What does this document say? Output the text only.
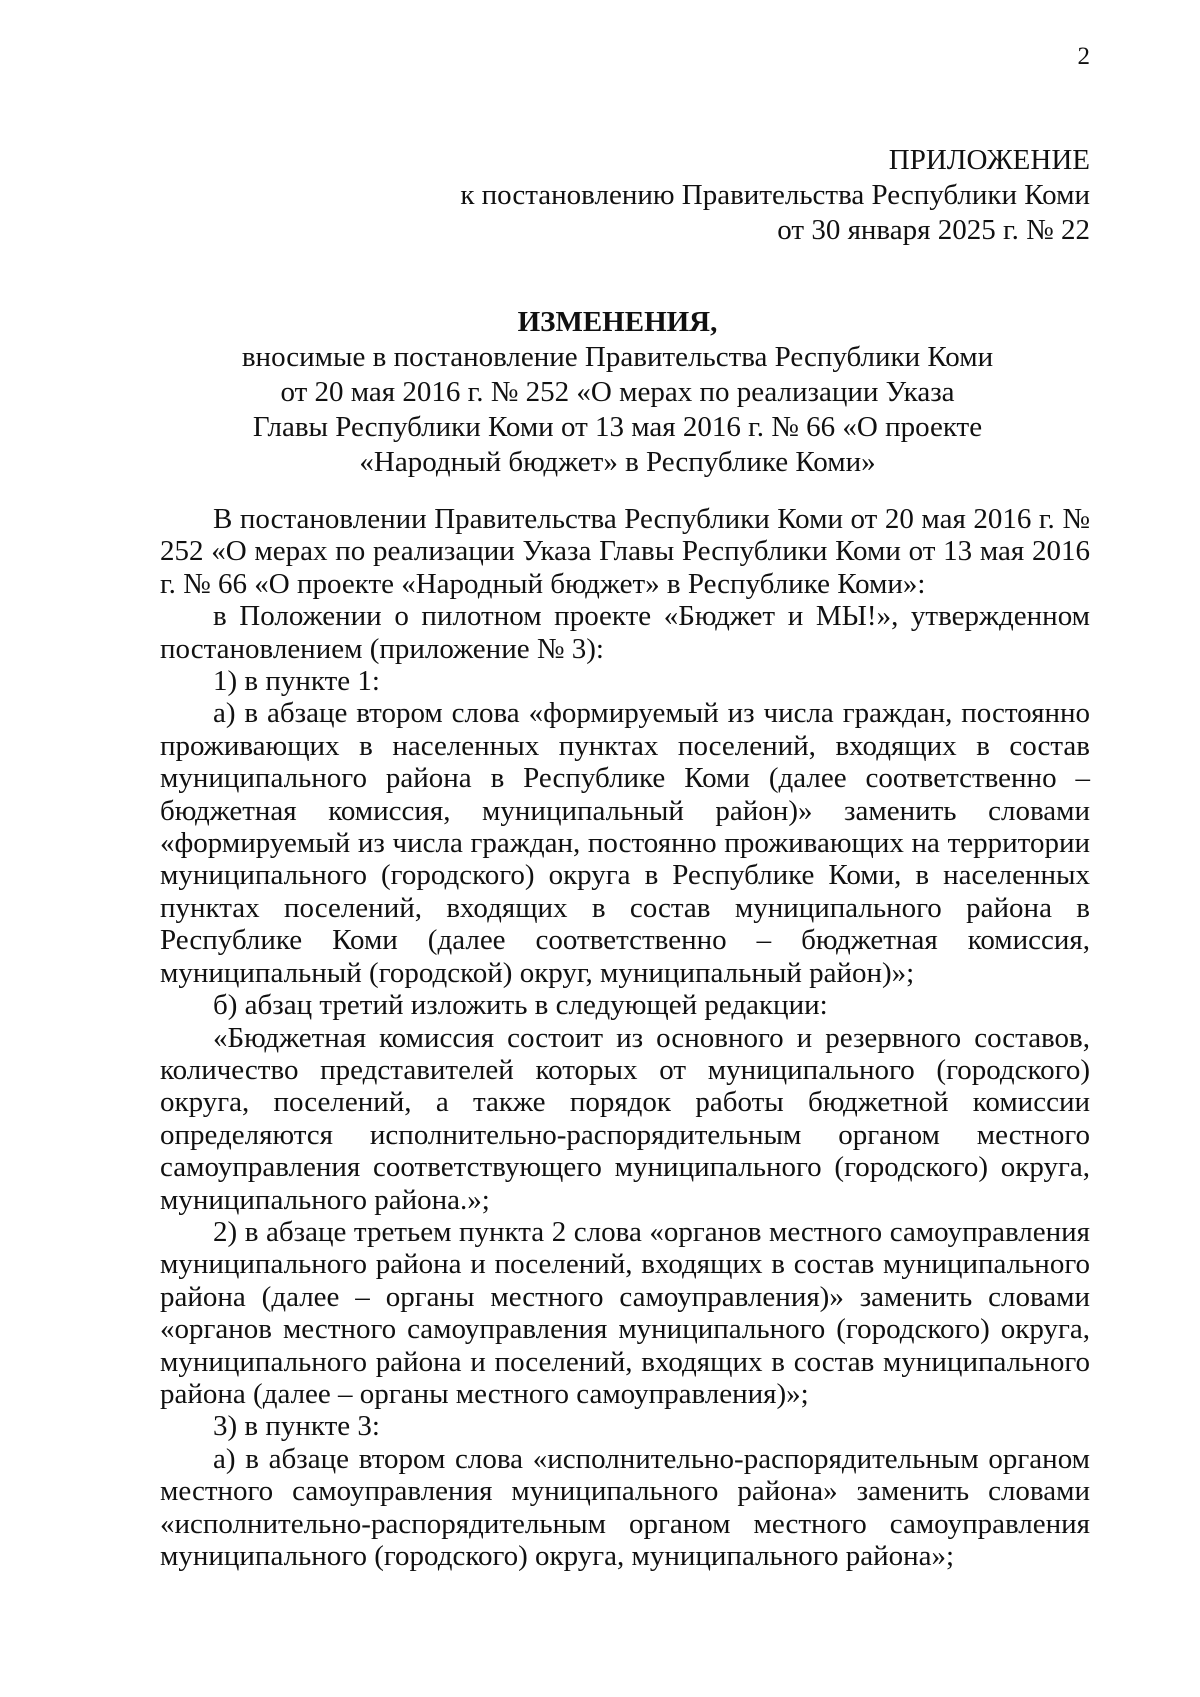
2
ПРИЛОЖЕНИЕ
к постановлению Правительства Республики Коми
от 30 января 2025 г. № 22
ИЗМЕНЕНИЯ,
вносимые в постановление Правительства Республики Коми
от 20 мая 2016 г. № 252 «О мерах по реализации Указа
Главы Республики Коми от 13 мая 2016 г. № 66 «О проекте
«Народный бюджет» в Республике Коми»

В постановлении Правительства Республики Коми от 20 мая 2016 г. № 252 «О мерах по реализации Указа Главы Республики Коми от 13 мая 2016 г. № 66 «О проекте «Народный бюджет» в Республике Коми»:

в Положении о пилотном проекте «Бюджет и МЫ!», утвержденном постановлением (приложение № 3):

1) в пункте 1:

а) в абзаце втором слова «формируемый из числа граждан, постоянно проживающих в населенных пунктах поселений, входящих в состав муниципального района в Республике Коми (далее соответственно – бюджетная комиссия, муниципальный район)» заменить словами «формируемый из числа граждан, постоянно проживающих на территории муниципального (городского) округа в Республике Коми, в населенных пунктах поселений, входящих в состав муниципального района в Республике Коми (далее соответственно – бюджетная комиссия, муниципальный (городской) округ, муниципальный район)»;

б) абзац третий изложить в следующей редакции:

«Бюджетная комиссия состоит из основного и резервного составов, количество представителей которых от муниципального (городского) округа, поселений, а также порядок работы бюджетной комиссии определяются исполнительно-распорядительным органом местного самоуправления соответствующего муниципального (городского) округа, муниципального района.»;

2) в абзаце третьем пункта 2 слова «органов местного самоуправления муниципального района и поселений, входящих в состав муниципального района (далее – органы местного самоуправления)» заменить словами «органов местного самоуправления муниципального (городского) округа, муниципального района и поселений, входящих в состав муниципального района (далее – органы местного самоуправления)»;

3) в пункте 3:

а) в абзаце втором слова «исполнительно-распорядительным органом местного самоуправления муниципального района» заменить словами «исполнительно-распорядительным органом местного самоуправления муниципального (городского) округа, муниципального района»;
